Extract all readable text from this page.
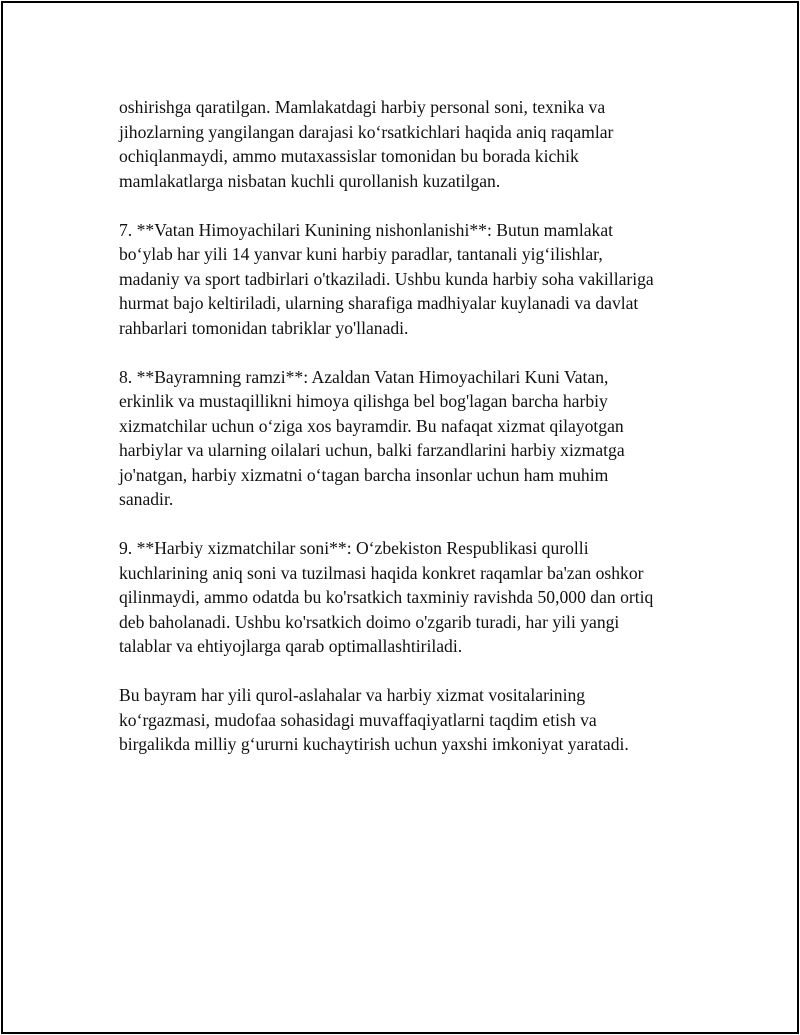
oshirishga qaratilgan. Mamlakatdagi harbiy personal soni, texnika va
jihozlarning yangilangan darajasi ko‘rsatkichlari haqida aniq raqamlar
ochiqlanmaydi, ammo mutaxassislar tomonidan bu borada kichik
mamlakatlarga nisbatan kuchli qurollanish kuzatilgan.

7. **Vatan Himoyachilari Kunining nishonlanishi**: Butun mamlakat
bo‘ylab har yili 14 yanvar kuni harbiy paradlar, tantanali yig‘ilishlar,
madaniy va sport tadbirlari o'tkaziladi. Ushbu kunda harbiy soha vakillariga
hurmat bajo keltiriladi, ularning sharafiga madhiyalar kuylanadi va davlat
rahbarlari tomonidan tabriklar yo'llanadi.

8. **Bayramning ramzi**: Azaldan Vatan Himoyachilari Kuni Vatan,
erkinlik va mustaqillikni himoya qilishga bel bog'lagan barcha harbiy
xizmatchilar uchun o‘ziga xos bayramdir. Bu nafaqat xizmat qilayotgan
harbiylar va ularning oilalari uchun, balki farzandlarini harbiy xizmatga
jo'natgan, harbiy xizmatni o‘tagan barcha insonlar uchun ham muhim
sanadir.

9. **Harbiy xizmatchilar soni**: O‘zbekiston Respublikasi qurolli
kuchlarining aniq soni va tuzilmasi haqida konkret raqamlar ba'zan oshkor
qilinmaydi, ammo odatda bu ko'rsatkich taxminiy ravishda 50,000 dan ortiq
deb baholanadi. Ushbu ko'rsatkich doimo o'zgarib turadi, har yili yangi
talablar va ehtiyojlarga qarab optimallashtiriladi.

Bu bayram har yili qurol-aslahalar va harbiy xizmat vositalarining
ko‘rgazmasi, mudofaa sohasidagi muvaffaqiyatlarni taqdim etish va
birgalikda milliy g‘ururni kuchaytirish uchun yaxshi imkoniyat yaratadi.
